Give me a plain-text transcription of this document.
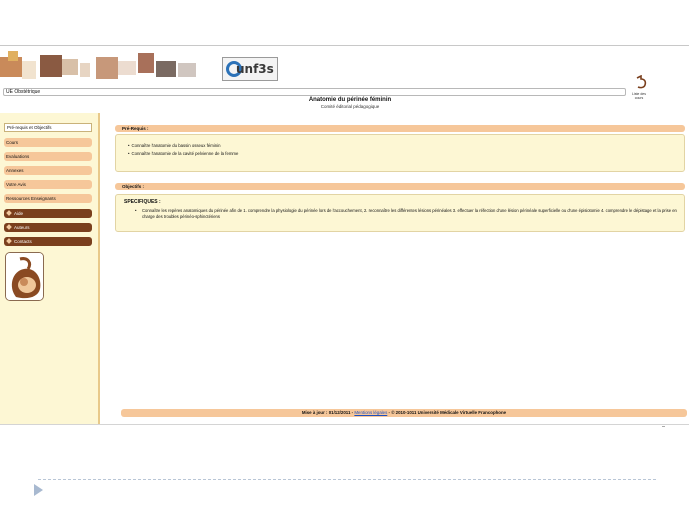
unf3s
Liste des cours
UE Obstétrique
Anatomie du périnée féminin
Comité éditorial pédagogique
Pré-requis et Objectifs
Cours
Evaluations
Annexes
Votre Avis
Ressources Enseignants
Aide
Auteurs
Contacts
Pré-Requis :
• Connaître l'anatomie du bassin osseux féminin
• Connaître l'anatomie de la cavité pelvienne de la femme
Objectifs :
SPECIFIQUES :
• Connaître les repères anatomiques du périnée afin de 1. comprendre la physiologie du périnée lors de l'accouchement, 2. reconnaître les différentes lésions périnéales 3. effectuer la réfection d'une lésion périnéale superficielle ou d'une épisiotomie 4. comprendre le dépistage et la prise en charge des troubles périnéo-sphinctériens
Mise à jour : 01/12/2011 - Mentions légales - © 2010-1011 Université Médicale Virtuelle Francophone
